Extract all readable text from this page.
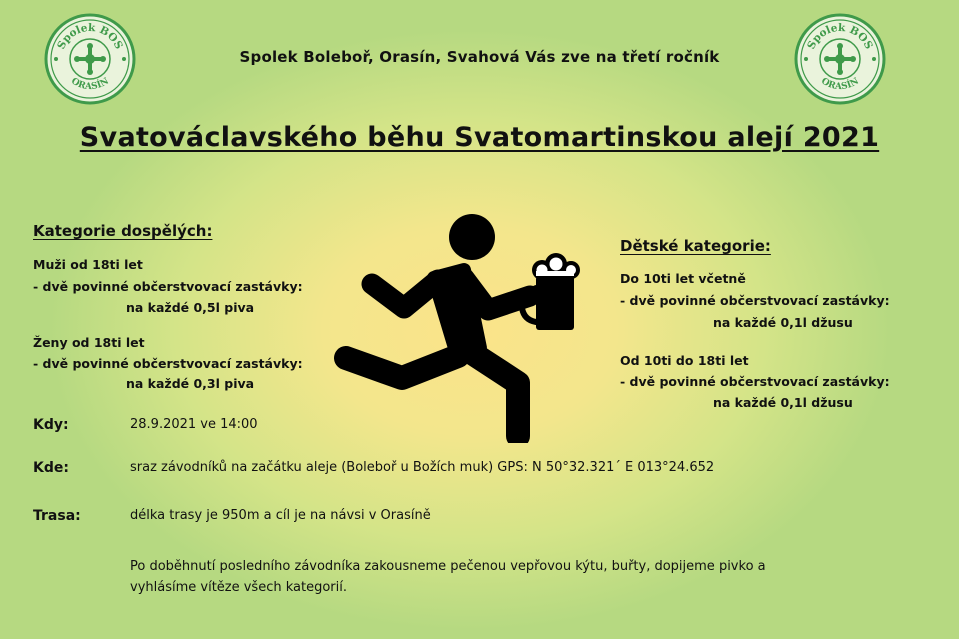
Spolek BOS
ORASÍN
Spolek BOS
ORASÍN
Spolek Boleboř, Orasín, Svahová Vás zve na třetí ročník
Svatováclavského běhu Svatomartinskou alejí 2021
Kategorie dospělých:
Muži od 18ti let
- dvě povinné občerstvovací zastávky:
na každé 0,5l piva
Ženy od 18ti let
- dvě povinné občerstvovací zastávky:
na každé 0,3l piva
Dětské kategorie:
Do 10ti let včetně
- dvě povinné občerstvovací zastávky:
na každé 0,1l džusu
Od 10ti do 18ti let
- dvě povinné občerstvovací zastávky:
na každé 0,1l džusu
Kdy:	28.9.2021 ve 14:00
Kde:	sraz závodníků na začátku aleje (Boleboř u Božích muk) GPS: N 50°32.321´ E 013°24.652
Trasa:	délka trasy je 950m a cíl je na návsi v Orasíně
Po doběhnutí posledního závodníka zakousneme pečenou vepřovou kýtu, buřty, dopijeme pivko a
vyhlásíme vítěze všech kategorií.
